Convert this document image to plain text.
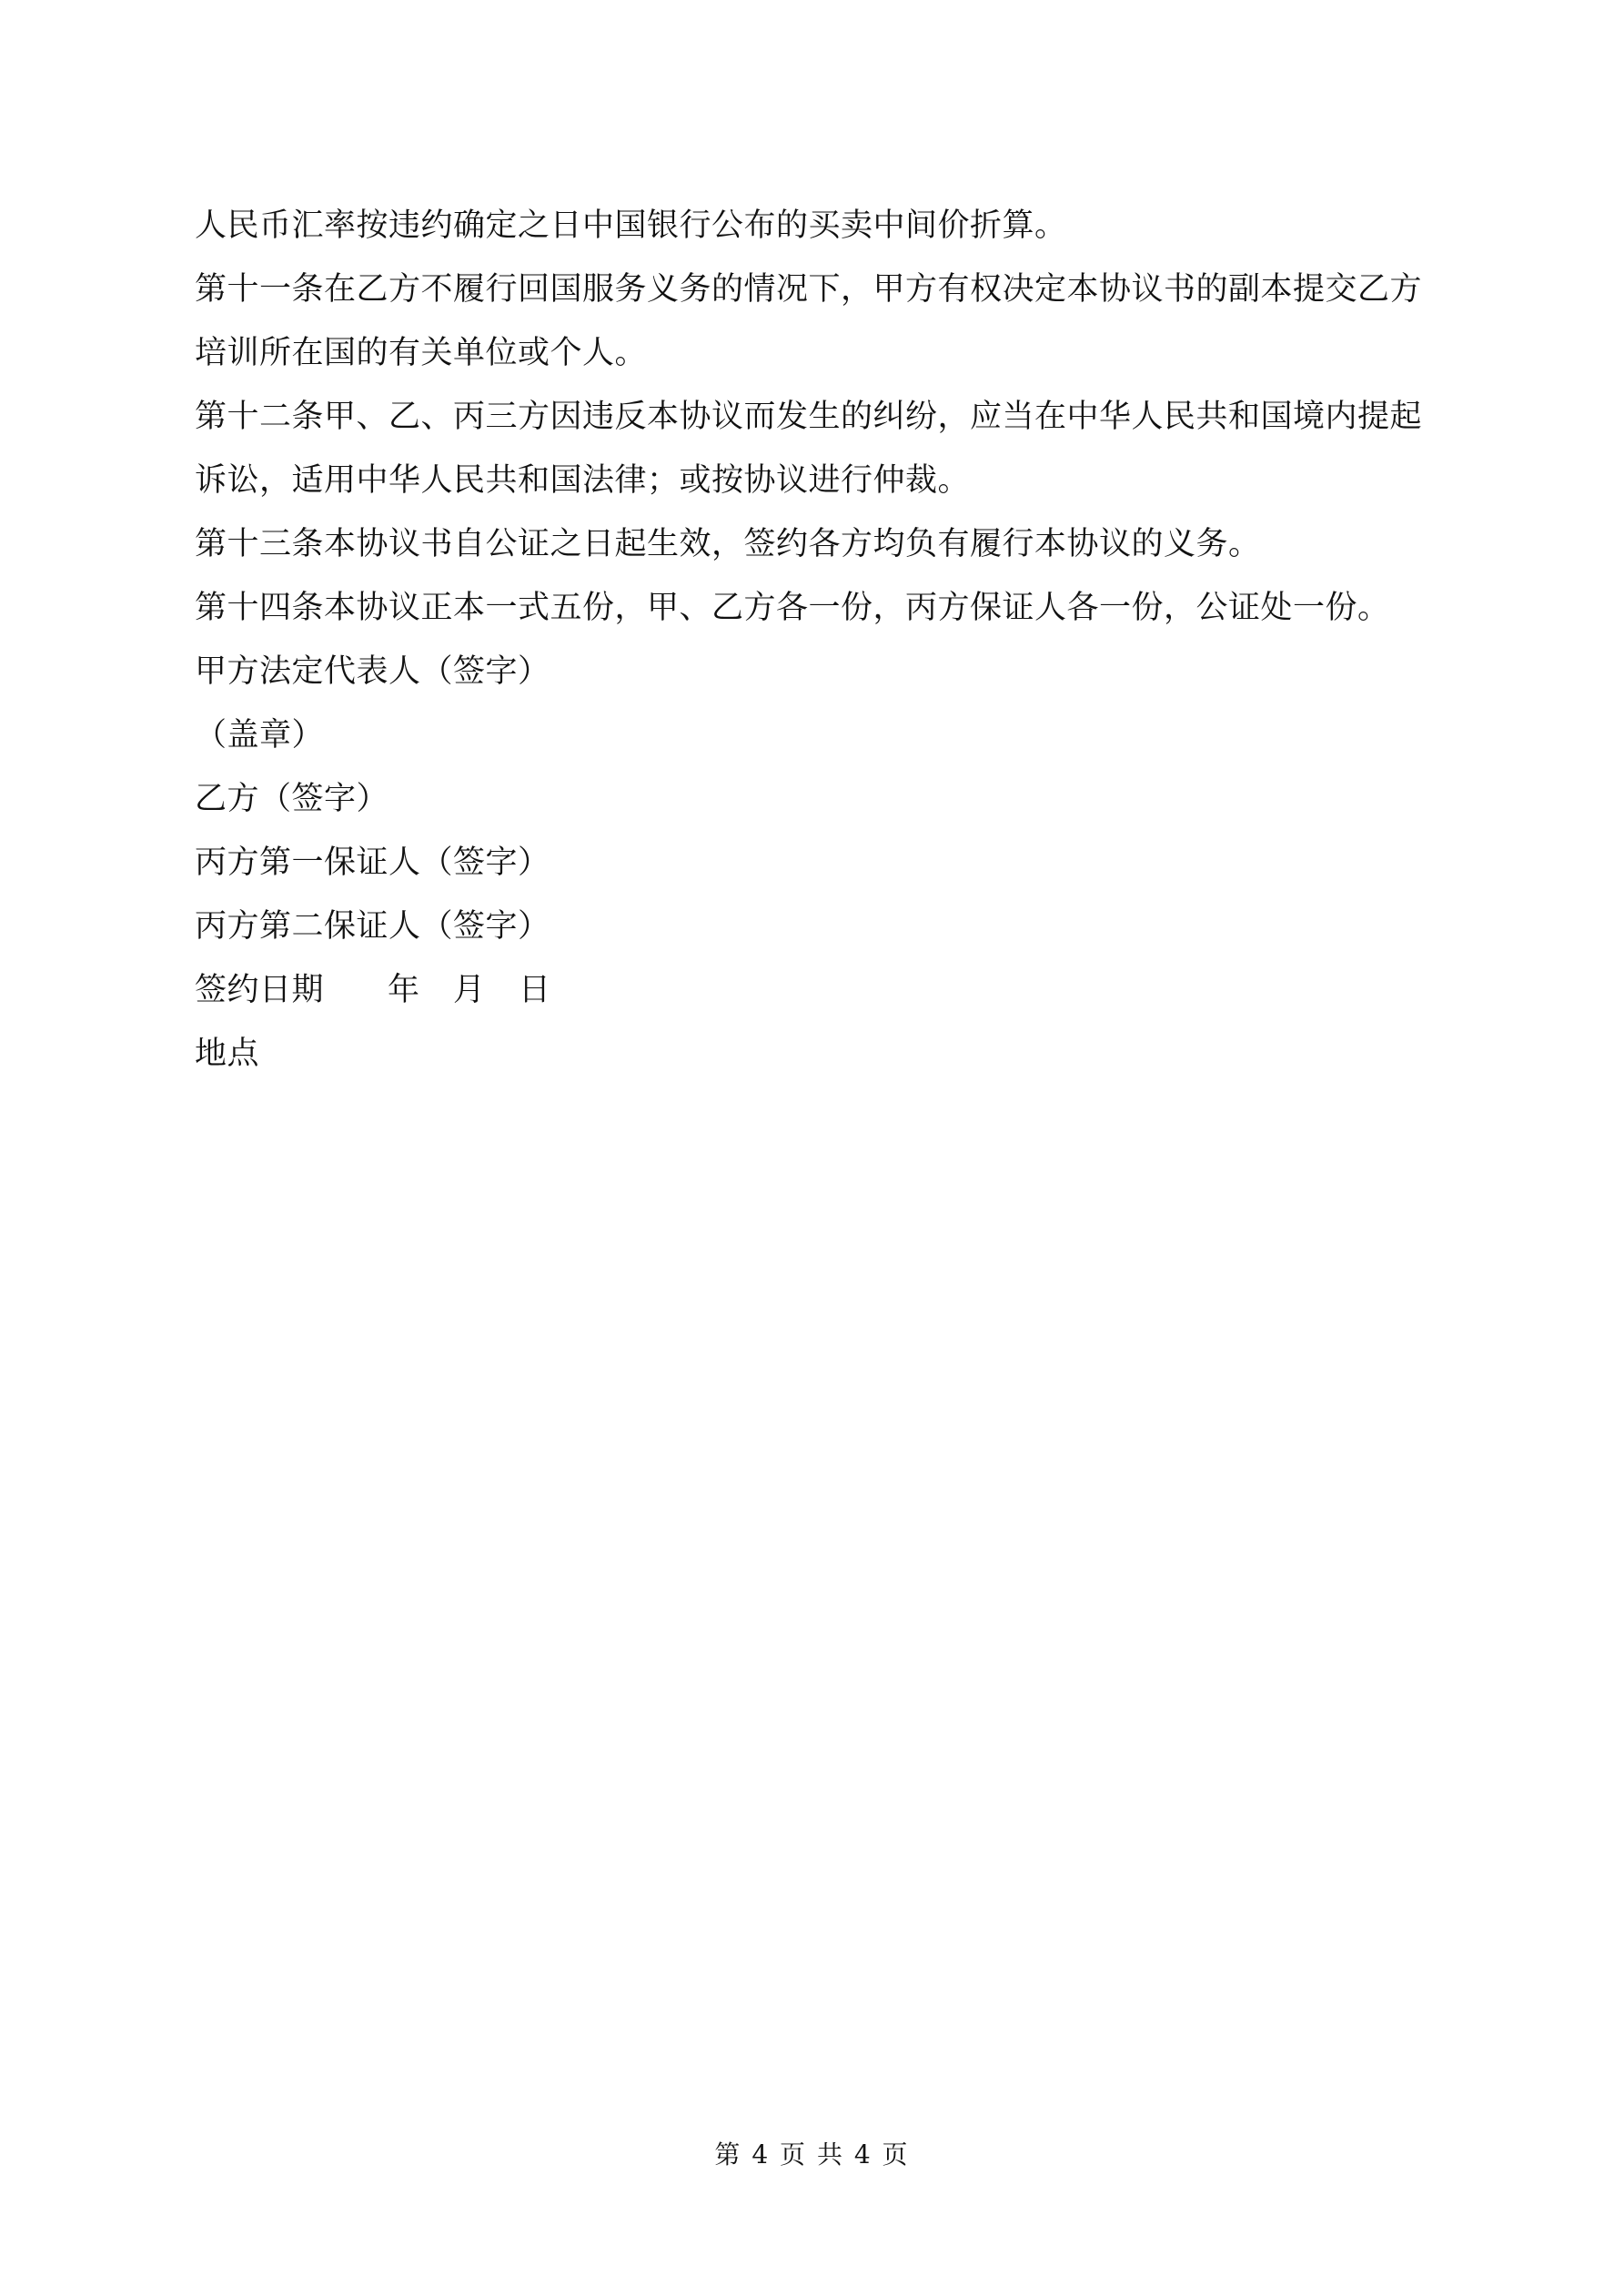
人民币汇率按违约确定之日中国银行公布的买卖中间价折算。
第十一条在乙方不履行回国服务义务的情况下，甲方有权决定本协议书的副本提交乙方
培训所在国的有关单位或个人。
第十二条甲、乙、丙三方因违反本协议而发生的纠纷，应当在中华人民共和国境内提起
诉讼，适用中华人民共和国法律；或按协议进行仲裁。
第十三条本协议书自公证之日起生效，签约各方均负有履行本协议的义务。
第十四条本协议正本一式五份，甲、乙方各一份，丙方保证人各一份，公证处一份。
甲方法定代表人（签字）
（盖章）
乙方（签字）
丙方第一保证人（签字）
丙方第二保证人（签字）
签约日期 年 月 日
地点
第 4 页 共 4 页
